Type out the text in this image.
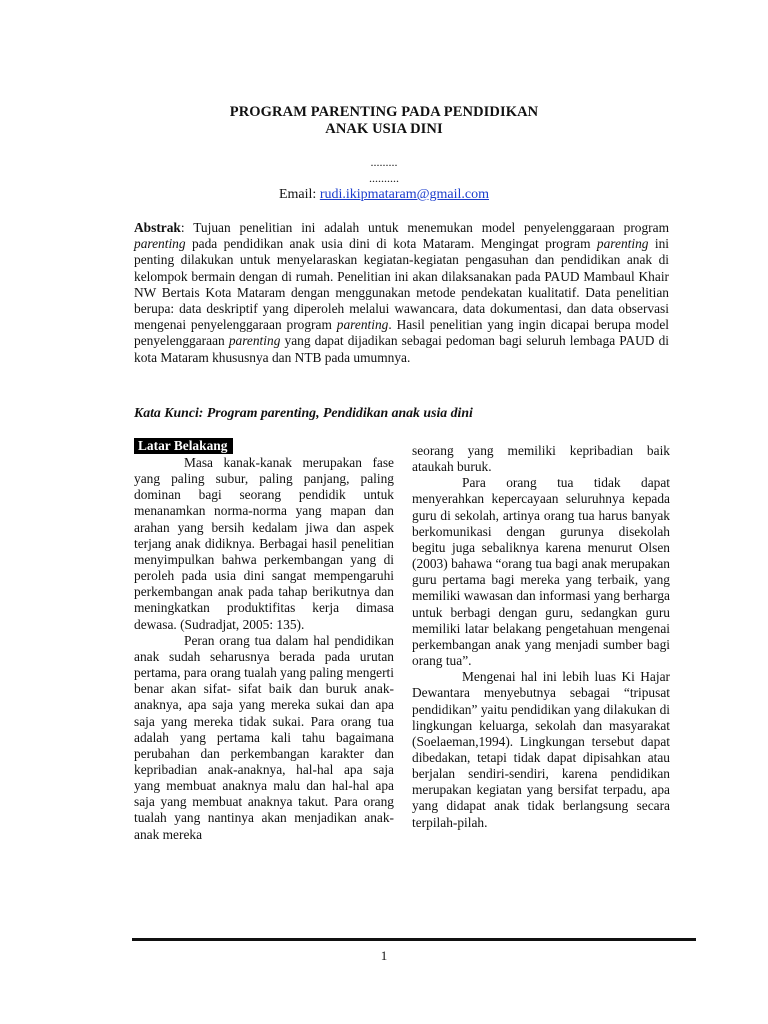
PROGRAM PARENTING PADA PENDIDIKAN
ANAK USIA DINI
.........
..........
Email: rudi.ikipmataram@gmail.com
Abstrak: Tujuan penelitian ini adalah untuk menemukan model penyelenggaraan program parenting pada pendidikan anak usia dini di kota Mataram. Mengingat program parenting ini penting dilakukan untuk menyelaraskan kegiatan-kegiatan pengasuhan dan pendidikan anak di kelompok bermain dengan di rumah. Penelitian ini akan dilaksanakan pada PAUD Mambaul Khair NW Bertais Kota Mataram dengan menggunakan metode pendekatan kualitatif. Data penelitian berupa: data deskriptif yang diperoleh melalui wawancara, data dokumentasi, dan data observasi mengenai penyelenggaraan program parenting. Hasil penelitian yang ingin dicapai berupa model penyelenggaraan parenting yang dapat dijadikan sebagai pedoman bagi seluruh lembaga PAUD di kota Mataram khususnya dan NTB pada umumnya.
Kata Kunci: Program parenting, Pendidikan anak usia dini
Latar Belakang

Masa kanak-kanak merupakan fase yang paling subur, paling panjang, paling dominan bagi seorang pendidik untuk menanamkan norma-norma yang mapan dan arahan yang bersih kedalam jiwa dan aspek terjang anak didiknya. Berbagai hasil penelitian menyimpulkan bahwa perkembangan yang di peroleh pada usia dini sangat mempengaruhi perkembangan anak pada tahap berikutnya dan meningkatkan produktifitas kerja dimasa dewasa. (Sudradjat, 2005: 135).

Peran orang tua dalam hal pendidikan anak sudah seharusnya berada pada urutan pertama, para orang tualah yang paling mengerti benar akan sifat- sifat baik dan buruk anak-anaknya, apa saja yang mereka sukai dan apa saja yang mereka tidak sukai. Para orang tua adalah yang pertama kali tahu bagaimana perubahan dan perkembangan karakter dan kepribadian anak-anaknya, hal-hal apa saja yang membuat anaknya malu dan hal-hal apa saja yang membuat anaknya takut. Para orang tualah yang nantinya akan menjadikan anak-anak mereka

seorang yang memiliki kepribadian baik ataukah buruk.

Para orang tua tidak dapat menyerahkan kepercayaan seluruhnya kepada guru di sekolah, artinya orang tua harus banyak berkomunikasi dengan gurunya disekolah begitu juga sebaliknya karena menurut Olsen (2003) bahawa “orang tua bagi anak merupakan guru pertama bagi mereka yang terbaik, yang memiliki wawasan dan informasi yang berharga untuk berbagi dengan guru, sedangkan guru memiliki latar belakang pengetahuan mengenai perkembangan anak yang menjadi sumber bagi orang tua”.

Mengenai hal ini lebih luas Ki Hajar Dewantara menyebutnya sebagai “tripusat pendidikan” yaitu pendidikan yang dilakukan di lingkungan keluarga, sekolah dan masyarakat (Soelaeman,1994). Lingkungan tersebut dapat dibedakan, tetapi tidak dapat dipisahkan atau berjalan sendiri-sendiri, karena pendidikan merupakan kegiatan yang bersifat terpadu, apa yang didapat anak tidak berlangsung secara terpilah-pilah.

1
